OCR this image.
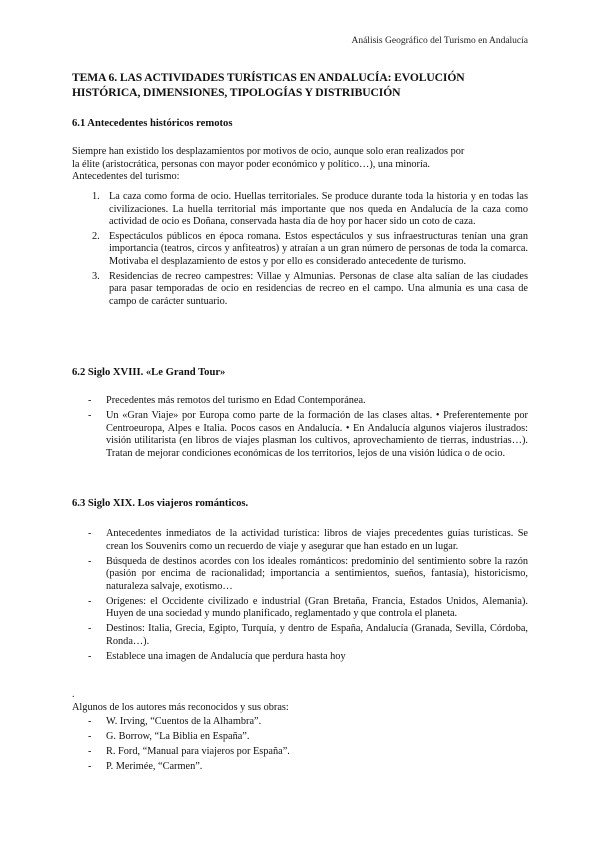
Análisis Geográfico del Turismo en Andalucía
TEMA 6. LAS ACTIVIDADES TURÍSTICAS EN ANDALUCÍA: EVOLUCIÓN HISTÓRICA, DIMENSIONES, TIPOLOGÍAS Y DISTRIBUCIÓN
6.1 Antecedentes históricos remotos

Siempre han existido los desplazamientos por motivos de ocio, aunque solo eran realizados por

la élite (aristocrática, personas con mayor poder económico y político…), una minoría.

Antecedentes del turismo:

1. La caza como forma de ocio. Huellas territoriales. Se produce durante toda la historia y en todas las civilizaciones. La huella territorial más importante que nos queda en Andalucía de la caza como actividad de ocio es Doñana, conservada hasta día de hoy por hacer sido un coto de caza.
2. Espectáculos públicos en época romana. Estos espectáculos y sus infraestructuras tenían una gran importancia (teatros, circos y anfiteatros) y atraían a un gran número de personas de toda la comarca. Motivaba el desplazamiento de estos y por ello es considerado antecedente de turismo.
3. Residencias de recreo campestres: Villae y Almunias. Personas de clase alta salían de las ciudades para pasar temporadas de ocio en residencias de recreo en el campo. Una almunia es una casa de campo de carácter suntuario.
6.2 Siglo XVIII. «Le Grand Tour»
- Precedentes más remotos del turismo en Edad Contemporánea.
- Un «Gran Viaje» por Europa como parte de la formación de las clases altas. • Preferentemente por Centroeuropa, Alpes e Italia. Pocos casos en Andalucía. • En Andalucía algunos viajeros ilustrados: visión utilitarista (en libros de viajes plasman los cultivos, aprovechamiento de tierras, industrias…). Tratan de mejorar condiciones económicas de los territorios, lejos de una visión lúdica o de ocio.
6.3 Siglo XIX. Los viajeros románticos.
- Antecedentes inmediatos de la actividad turística: libros de viajes precedentes guías turísticas. Se crean los Souvenirs como un recuerdo de viaje y asegurar que han estado en un lugar.
- Búsqueda de destinos acordes con los ideales románticos: predominio del sentimiento sobre la razón (pasión por encima de racionalidad; importancia a sentimientos, sueños, fantasía), historicismo, naturaleza salvaje, exotismo…
- Orígenes: el Occidente civilizado e industrial (Gran Bretaña, Francia, Estados Unidos, Alemania). Huyen de una sociedad y mundo planificado, reglamentado y que controla el planeta.
- Destinos: Italia, Grecia, Egipto, Turquía, y dentro de España, Andalucía (Granada, Sevilla, Córdoba, Ronda…).
- Establece una imagen de Andalucía que perdura hasta hoy
.

Algunos de los autores más reconocidos y sus obras:

- W. Irving, “Cuentos de la Alhambra”.
- G. Borrow, “La Biblia en España”.
- R. Ford, “Manual para viajeros por España”.
- P. Merimée, “Carmen”.
